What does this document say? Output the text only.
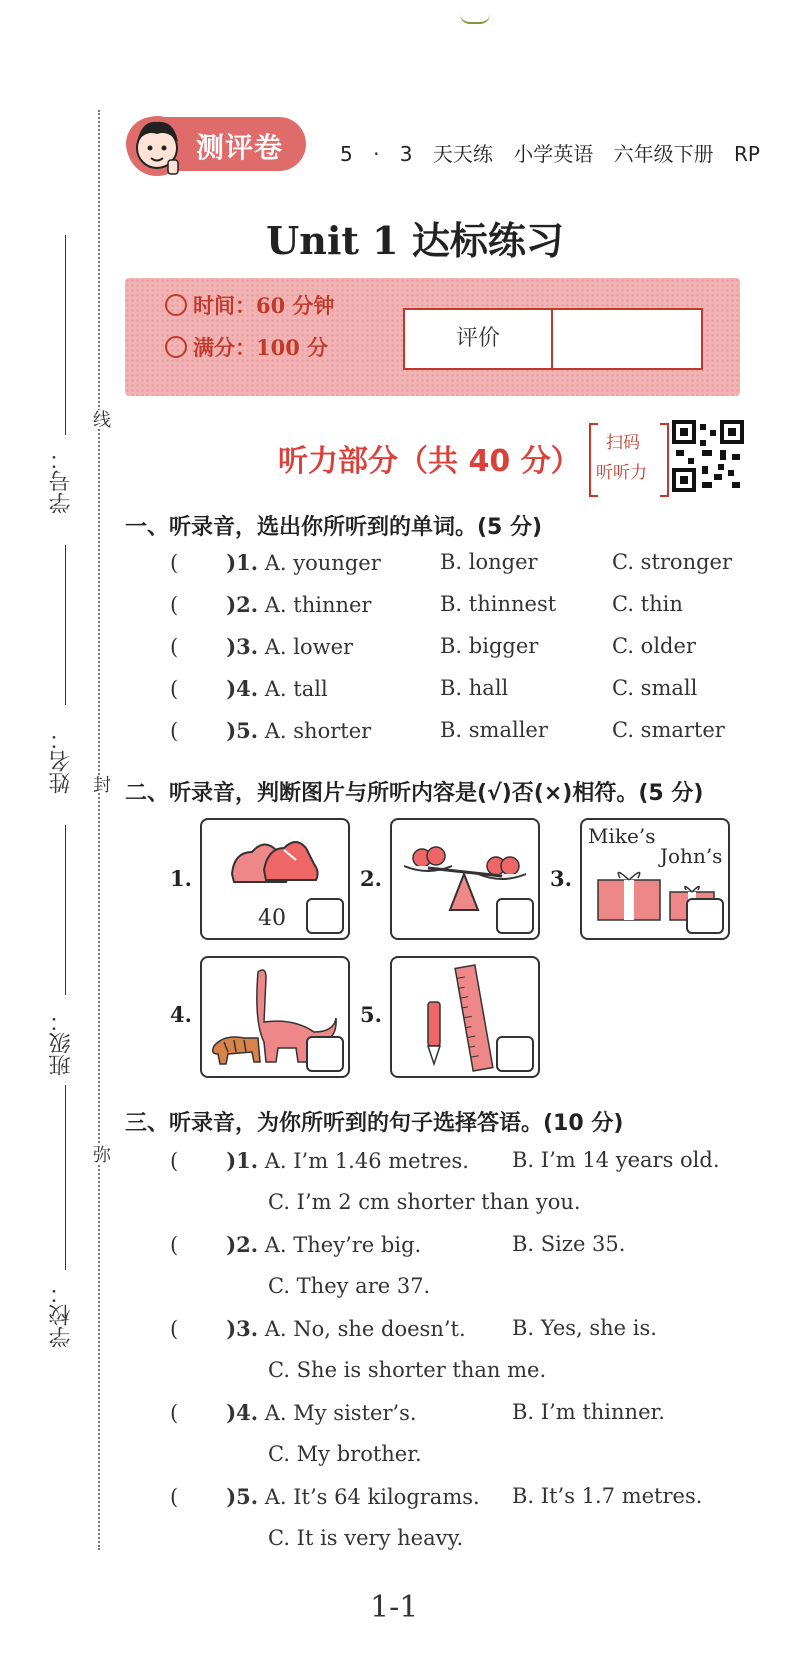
学号：
姓名：
班级：
学校：
线
封
弥
测评卷	5 · 3 天天练 小学英语 六年级下册 RP
Unit 1 达标练习
时间：60 分钟
满分：100 分	评价
听力部分（共 40 分）
扫码
听听力
一、听录音，选出你所听到的单词。(5 分)
( )1. A. younger	B. longer	C. stronger
( )2. A. thinner	B. thinnest	C. thin
( )3. A. lower	B. bigger	C. older
( )4. A. tall	B. hall	C. small
( )5. A. shorter	B. smaller	C. smarter
二、听录音，判断图片与所听内容是(√)否(×)相符。(5 分)
1.
40
2.	3.
Mike’s
John’s
4.	5.
三、听录音，为你所听到的句子选择答语。(10 分)
( )1. A. I’m 1.46 metres. B. I’m 14 years old.
C. I’m 2 cm shorter than you.
( )2. A. They’re big.	B. Size 35.
C. They are 37.
( )3. A. No, she doesn’t. B. Yes, she is.
C. She is shorter than me.
( )4. A. My sister’s.	B. I’m thinner.
C. My brother.
( )5. A. It’s 64 kilograms. B. It’s 1.7 metres.
C. It is very heavy.
1-1
